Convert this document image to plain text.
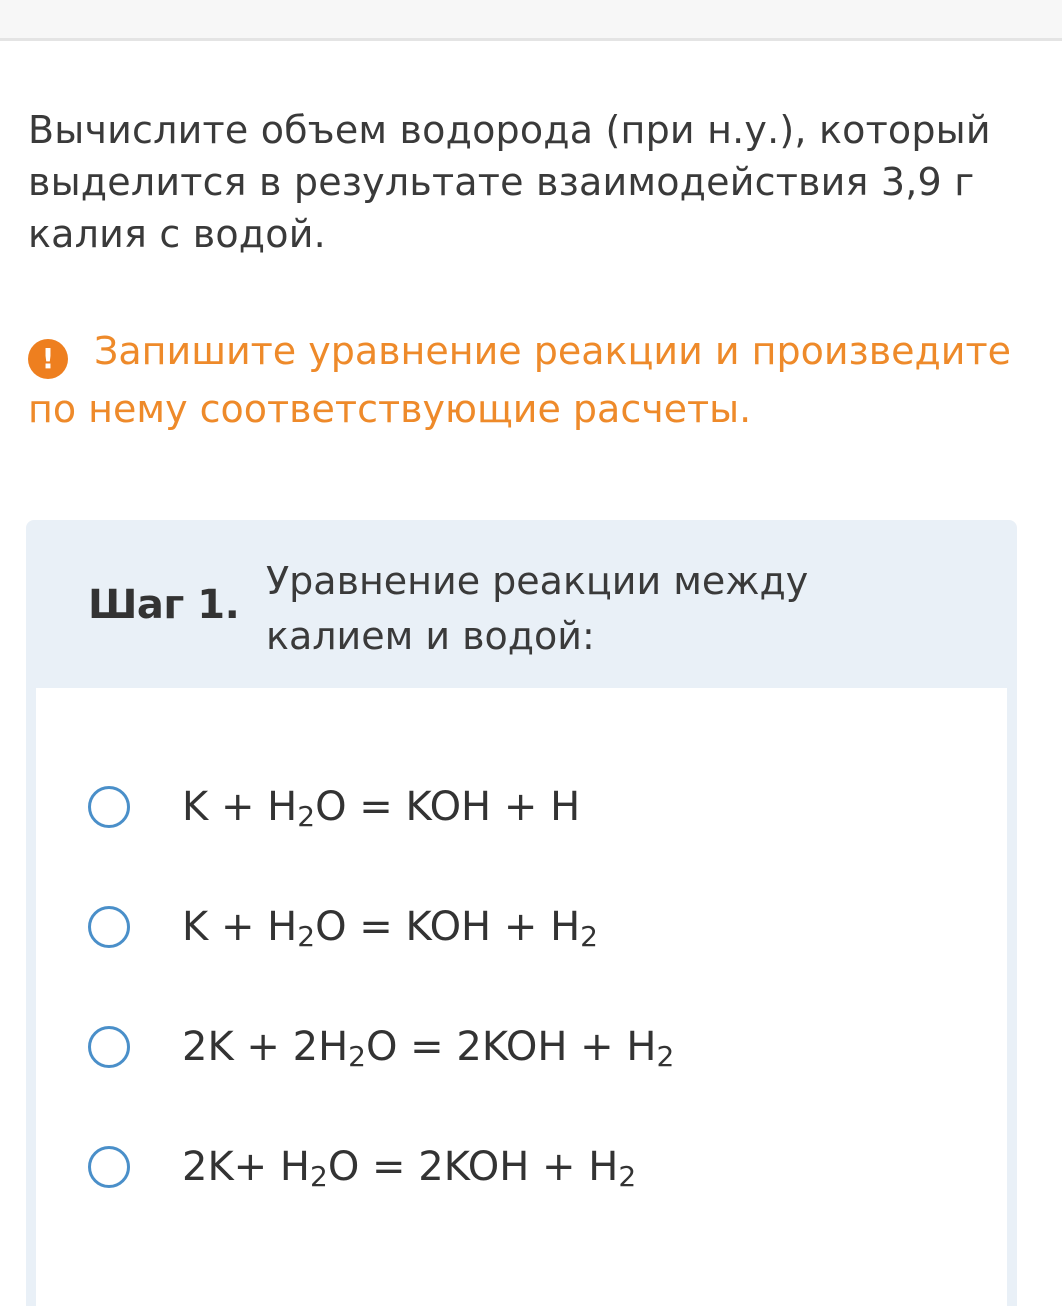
Вычислите объем водорода (при н.у.), который выделится в результате взаимодействия 3,9 г калия с водой.

! Запишите уравнение реакции и произведите по нему соответствующие расчеты.

Шаг 1.
Уравнение реакции между калием и водой:
$K + H_2O$ = KOH + H
$K + H_2O$ = KOH + $H_2$
$2K + 2H_2O = 2KOH + H_2$
$2K+ H_2O = 2KOH + H_2$
